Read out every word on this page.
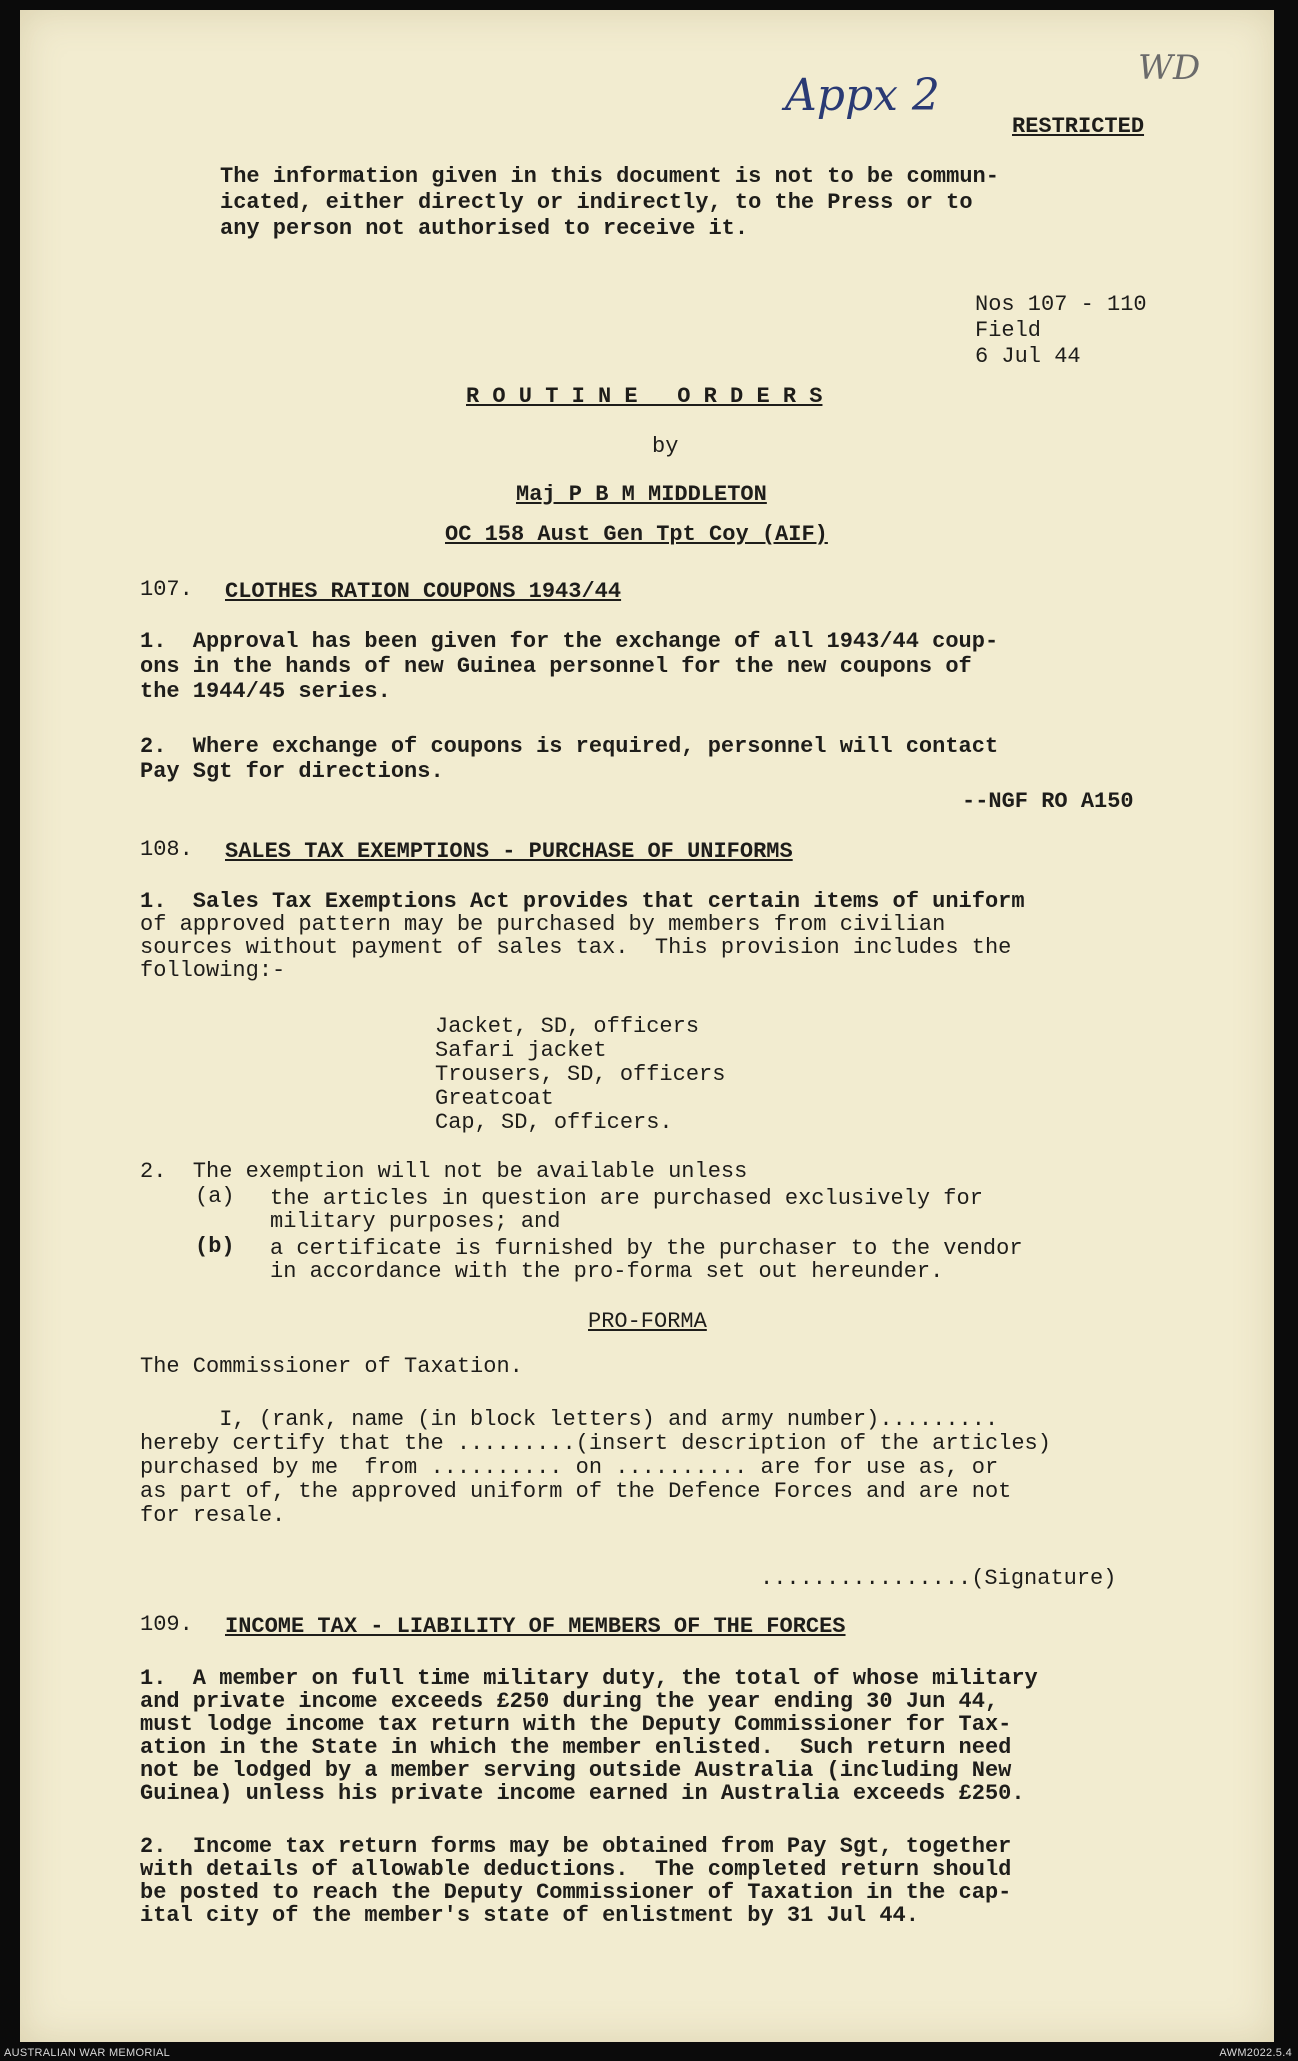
Appx 2
WD
RESTRICTED
The information given in this document is not to be commun-
icated, either directly or indirectly, to the Press or to
any person not authorised to receive it.
Nos 107 - 110
Field
6 Jul 44
R O U T I N E   O R D E R S
by
Maj P B M MIDDLETON
OC 158 Aust Gen Tpt Coy (AIF)
107. CLOTHES RATION COUPONS 1943/44
1.  Approval has been given for the exchange of all 1943/44 coup-
ons in the hands of new Guinea personnel for the new coupons of
the 1944/45 series.
2.  Where exchange of coupons is required, personnel will contact
Pay Sgt for directions.
--NGF RO A150
108. SALES TAX EXEMPTIONS - PURCHASE OF UNIFORMS
1.  Sales Tax Exemptions Act provides that certain items of uniform
of approved pattern may be purchased by members from civilian
sources without payment of sales tax.  This provision includes the
following:-
Jacket, SD, officers
Safari jacket
Trousers, SD, officers
Greatcoat
Cap, SD, officers.
2.  The exemption will not be available unless
(a) the articles in question are purchased exclusively for
military purposes; and
(b) a certificate is furnished by the purchaser to the vendor
in accordance with the pro-forma set out hereunder.
PRO-FORMA
The Commissioner of Taxation.
I, (rank, name (in block letters) and army number).........
hereby certify that the .........(insert description of the articles)
purchased by me  from .......... on .......... are for use as, or
as part of, the approved uniform of the Defence Forces and are not
for resale.
................(Signature)
109. INCOME TAX - LIABILITY OF MEMBERS OF THE FORCES
1.  A member on full time military duty, the total of whose military
and private income exceeds £250 during the year ending 30 Jun 44,
must lodge income tax return with the Deputy Commissioner for Tax-
ation in the State in which the member enlisted.  Such return need
not be lodged by a member serving outside Australia (including New
Guinea) unless his private income earned in Australia exceeds £250.
2.  Income tax return forms may be obtained from Pay Sgt, together
with details of allowable deductions.  The completed return should
be posted to reach the Deputy Commissioner of Taxation in the cap-
ital city of the member's state of enlistment by 31 Jul 44.
AUSTRALIAN WAR MEMORIAL	AWM2022.5.4
